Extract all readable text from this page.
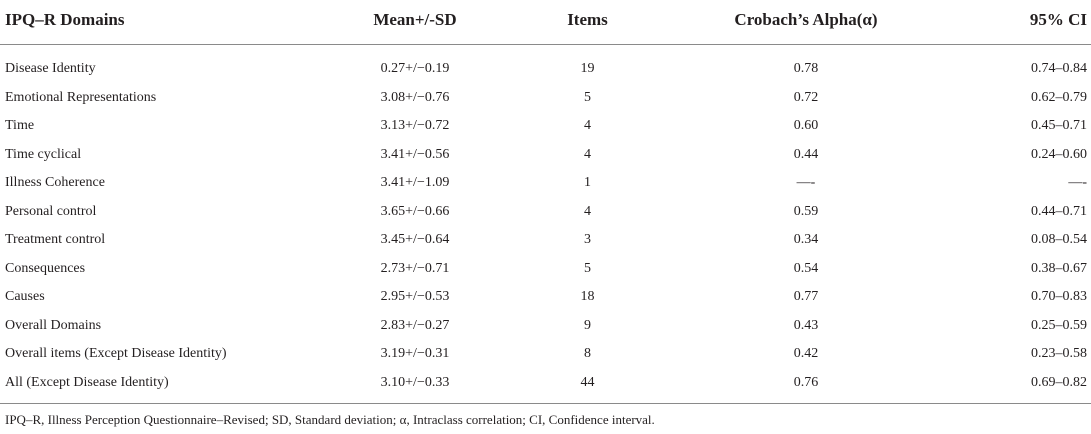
IPQ–R Domains	Mean+/-SD	Items	Crobach’s Alpha(α)	95% CI
Disease Identity	0.27+/−0.19	19	0.78	0.74–0.84
Emotional Representations	3.08+/−0.76	5	0.72	0.62–0.79
Time	3.13+/−0.72	4	0.60	0.45–0.71
Time cyclical	3.41+/−0.56	4	0.44	0.24–0.60
Illness Coherence	3.41+/−1.09	1	—-	—-
Personal control	3.65+/−0.66	4	0.59	0.44–0.71
Treatment control	3.45+/−0.64	3	0.34	0.08–0.54
Consequences	2.73+/−0.71	5	0.54	0.38–0.67
Causes	2.95+/−0.53	18	0.77	0.70–0.83
Overall Domains	2.83+/−0.27	9	0.43	0.25–0.59
Overall items (Except Disease Identity)	3.19+/−0.31	8	0.42	0.23–0.58
All (Except Disease Identity)	3.10+/−0.33	44	0.76	0.69–0.82
IPQ–R, Illness Perception Questionnaire–Revised; SD, Standard deviation; α, Intraclass correlation; CI, Confidence interval.
